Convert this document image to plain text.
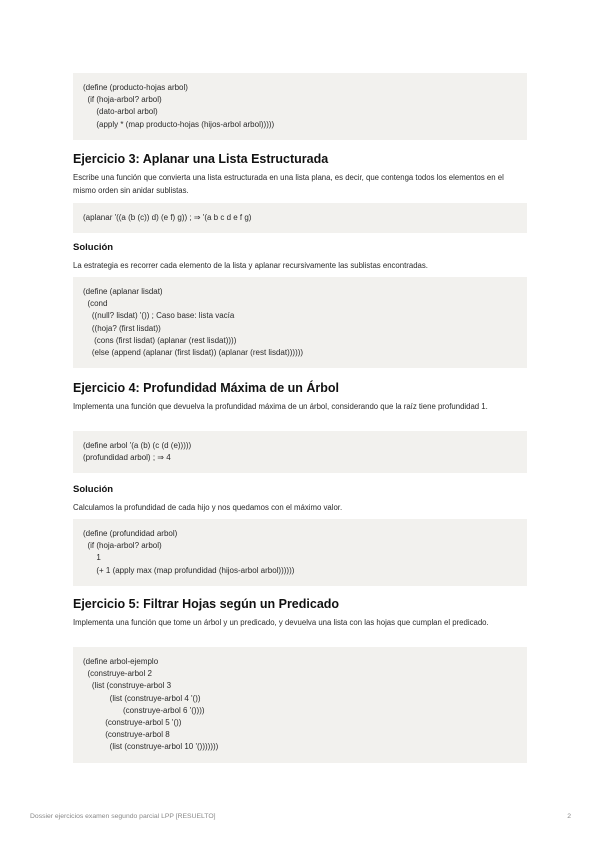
(define (producto-hojas arbol)
(if (hoja-arbol? arbol)
(dato-arbol arbol)
(apply * (map producto-hojas (hijos-arbol arbol)))))
Ejercicio 3: Aplanar una Lista Estructurada

Escribe una función que convierta una lista estructurada en una lista plana, es decir, que contenga todos los elementos en el mismo orden sin anidar sublistas.

(aplanar '((a (b (c)) d) (e f) g)) ; ⇒ '(a b c d e f g)
Solución

La estrategia es recorrer cada elemento de la lista y aplanar recursivamente las sublistas encontradas.

(define (aplanar lisdat)
(cond
((null? lisdat) '()) ; Caso base: lista vacía
((hoja? (first lisdat))
(cons (first lisdat) (aplanar (rest lisdat))))
(else (append (aplanar (first lisdat)) (aplanar (rest lisdat))))))
Ejercicio 4: Profundidad Máxima de un Árbol

Implementa una función que devuelva la profundidad máxima de un árbol, considerando que la raíz tiene profundidad 1.

(define arbol '(a (b) (c (d (e)))))
(profundidad arbol) ; ⇒ 4
Solución

Calculamos la profundidad de cada hijo y nos quedamos con el máximo valor.

(define (profundidad arbol)
(if (hoja-arbol? arbol)
1
(+ 1 (apply max (map profundidad (hijos-arbol arbol))))))
Ejercicio 5: Filtrar Hojas según un Predicado

Implementa una función que tome un árbol y un predicado, y devuelva una lista con las hojas que cumplan el predicado.

(define arbol-ejemplo
(construye-arbol 2
(list (construye-arbol 3
(list (construye-arbol 4 '())
(construye-arbol 6 '())))
(construye-arbol 5 '())
(construye-arbol 8
(list (construye-arbol 10 '()))))))
Dossier ejercicios examen segundo parcial LPP [RESUELTO]	2
